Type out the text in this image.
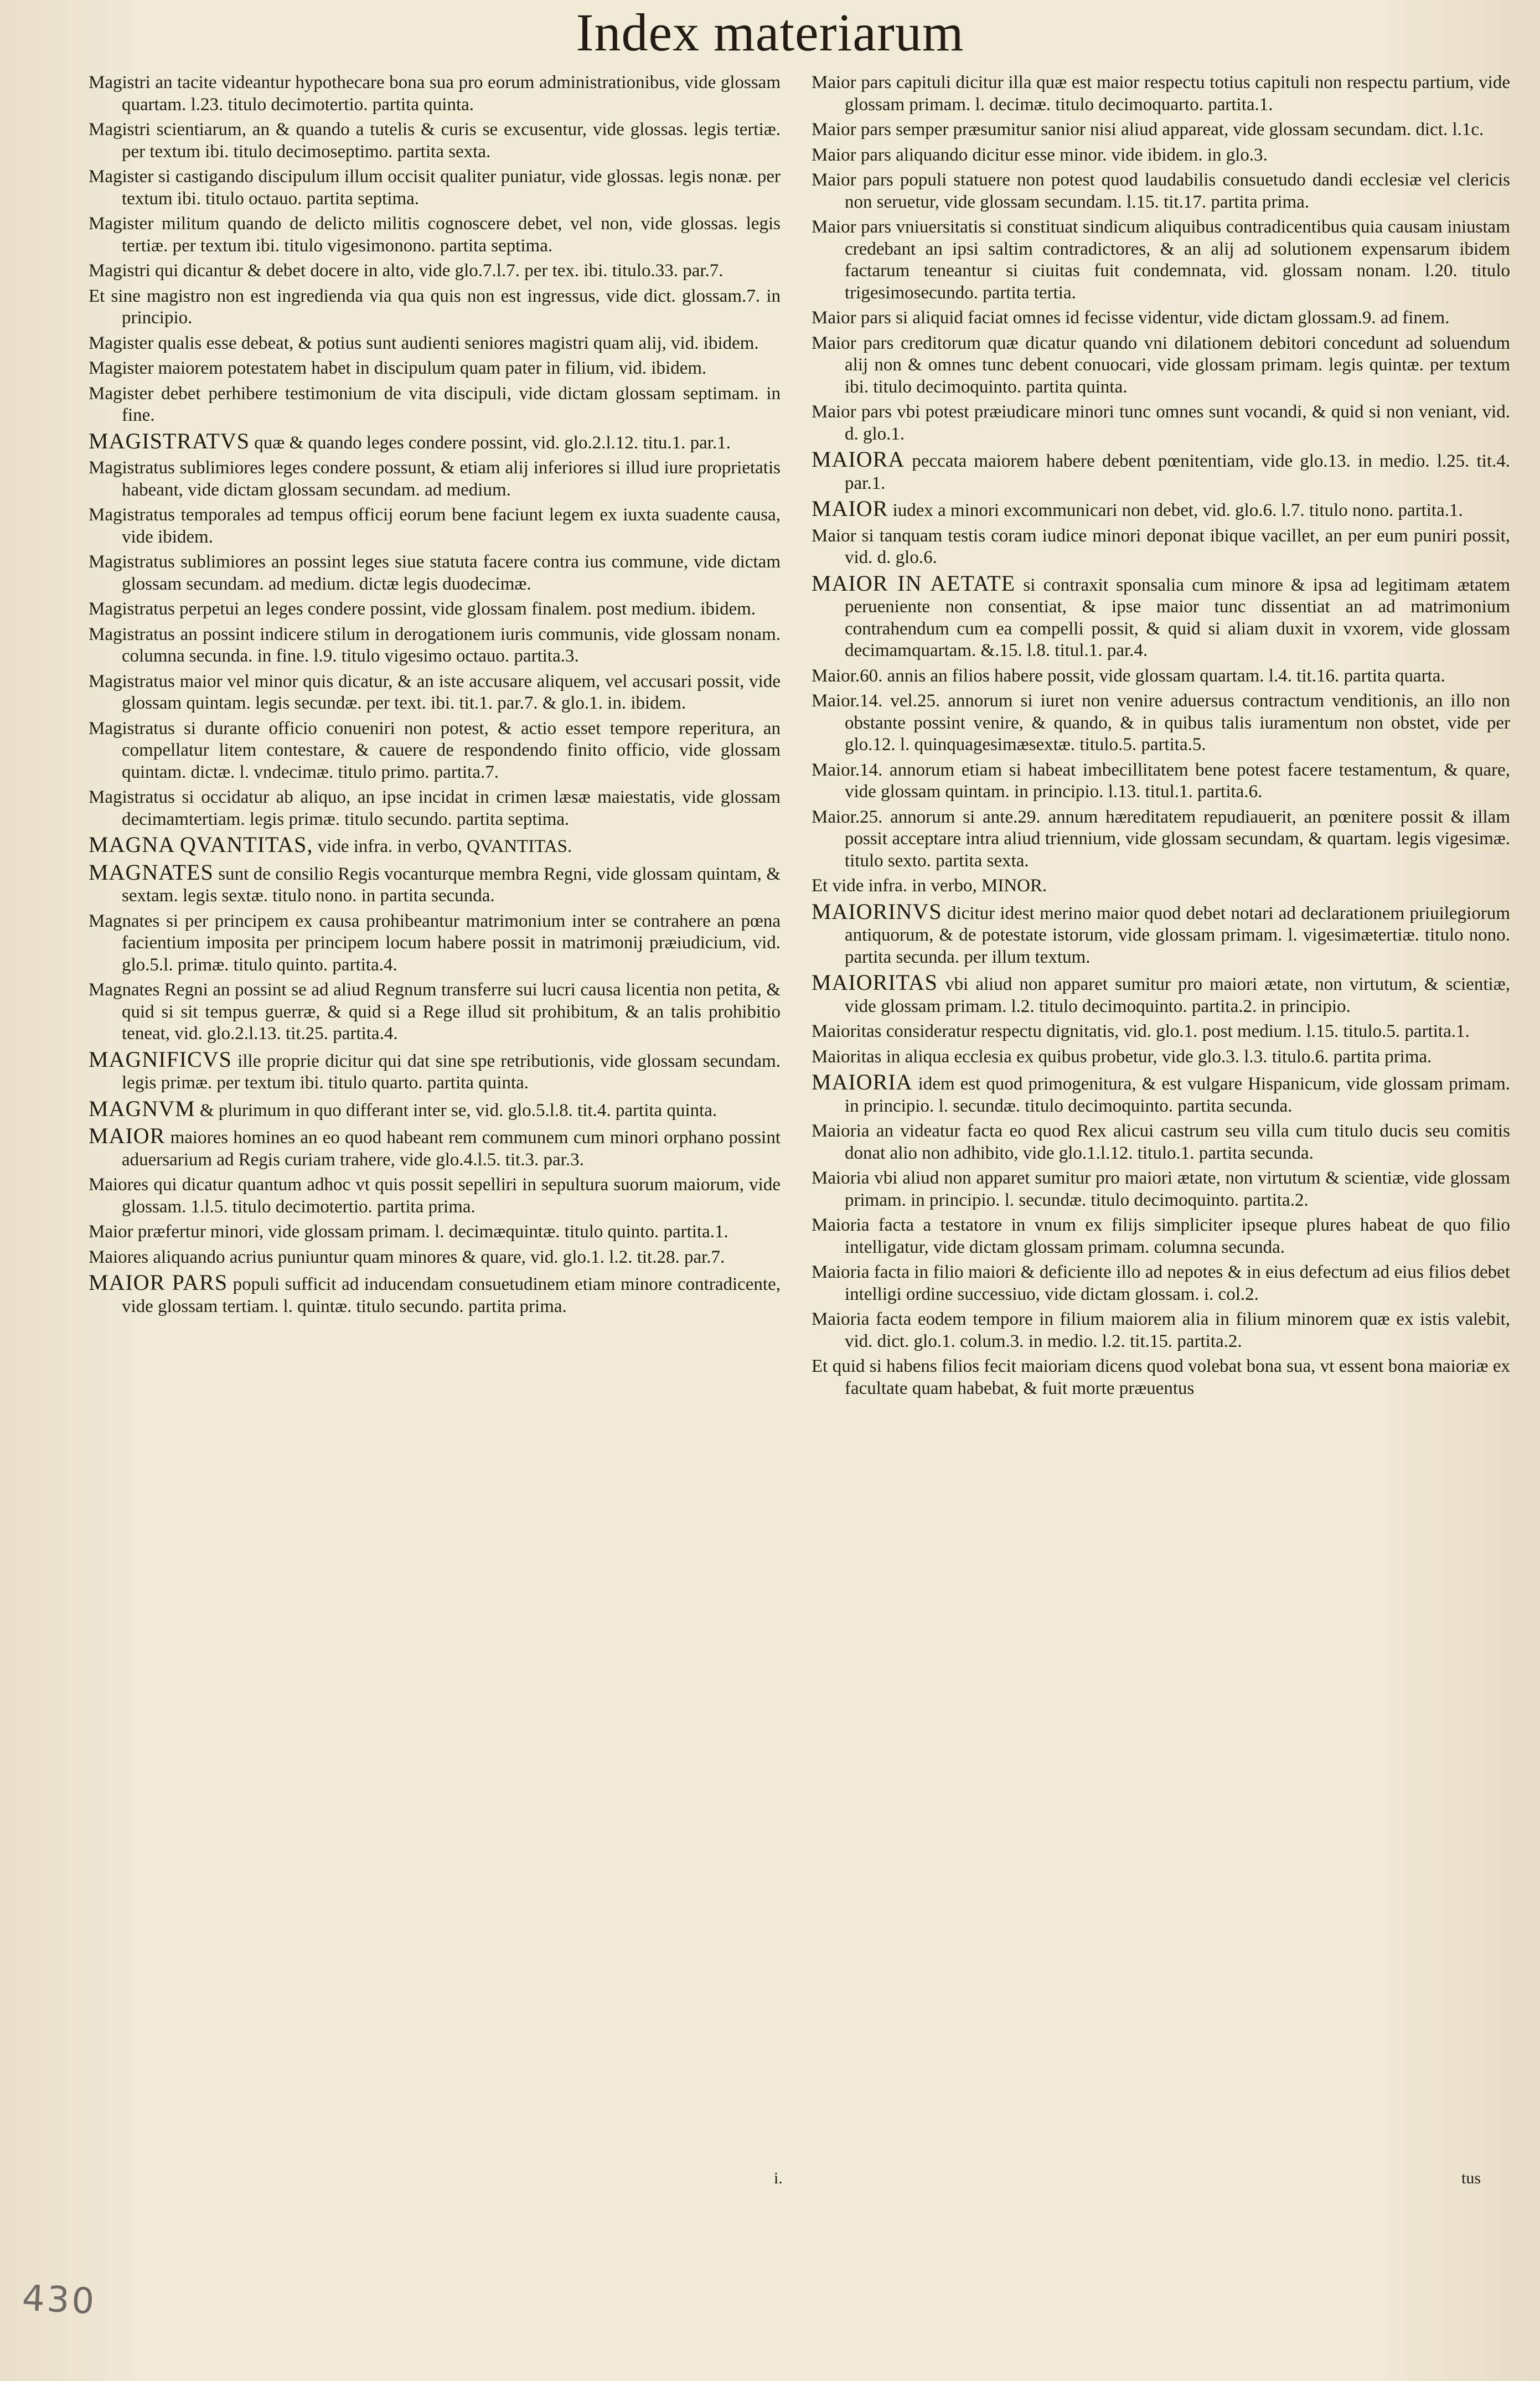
Index materiarum

Magistri an tacite videantur hypothecare bona sua pro eorum administrationibus, vide glossam quartam. l.23. titulo decimotertio. partita quinta.

Magistri scientiarum, an & quando a tutelis & curis se excusentur, vide glossas. legis tertiæ. per textum ibi. titulo decimoseptimo. partita sexta.

Magister si castigando discipulum illum occisit qualiter puniatur, vide glossas. legis nonæ. per textum ibi. titulo octauo. partita septima.

Magister militum quando de delicto militis cognoscere debet, vel non, vide glossas. legis tertiæ. per textum ibi. titulo vigesimonono. partita septima.

Magistri qui dicantur & debet docere in alto, vide glo.7.l.7. per tex. ibi. titulo.33. par.7.

Et sine magistro non est ingredienda via qua quis non est ingressus, vide dict. glossam.7. in principio.

Magister qualis esse debeat, & potius sunt audienti seniores magistri quam alij, vid. ibidem.

Magister maiorem potestatem habet in discipulum quam pater in filium, vid. ibidem.

Magister debet perhibere testimonium de vita discipuli, vide dictam glossam septimam. in fine.

MAGISTRATVS quæ & quando leges condere possint, vid. glo.2.l.12. titu.1. par.1.

Magistratus sublimiores leges condere possunt, & etiam alij inferiores si illud iure proprietatis habeant, vide dictam glossam secundam. ad medium.

Magistratus temporales ad tempus officij eorum bene faciunt legem ex iuxta suadente causa, vide ibidem.

Magistratus sublimiores an possint leges siue statuta facere contra ius commune, vide dictam glossam secundam. ad medium. dictæ legis duodecimæ.

Magistratus perpetui an leges condere possint, vide glossam finalem. post medium. ibidem.

Magistratus an possint indicere stilum in derogationem iuris communis, vide glossam nonam. columna secunda. in fine. l.9. titulo vigesimo octauo. partita.3.

Magistratus maior vel minor quis dicatur, & an iste accusare aliquem, vel accusari possit, vide glossam quintam. legis secundæ. per text. ibi. tit.1. par.7. & glo.1. in. ibidem.

Magistratus si durante officio conueniri non potest, & actio esset tempore reperitura, an compellatur litem contestare, & cauere de respondendo finito officio, vide glossam quintam. dictæ. l. vndecimæ. titulo primo. partita.7.

Magistratus si occidatur ab aliquo, an ipse incidat in crimen læsæ maiestatis, vide glossam decimamtertiam. legis primæ. titulo secundo. partita septima.

MAGNA QVANTITAS, vide infra. in verbo, QVANTITAS.

MAGNATES sunt de consilio Regis vocanturque membra Regni, vide glossam quintam, & sextam. legis sextæ. titulo nono. in partita secunda.

Magnates si per principem ex causa prohibeantur matrimonium inter se contrahere an pœna facientium imposita per principem locum habere possit in matrimonij præiudicium, vid. glo.5.l. primæ. titulo quinto. partita.4.

Magnates Regni an possint se ad aliud Regnum transferre sui lucri causa licentia non petita, & quid si sit tempus guerræ, & quid si a Rege illud sit prohibitum, & an talis prohibitio teneat, vid. glo.2.l.13. tit.25. partita.4.

MAGNIFICVS ille proprie dicitur qui dat sine spe retributionis, vide glossam secundam. legis primæ. per textum ibi. titulo quarto. partita quinta.

MAGNVM & plurimum in quo differant inter se, vid. glo.5.l.8. tit.4. partita quinta.

MAIOR maiores homines an eo quod habeant rem communem cum minori orphano possint aduersarium ad Regis curiam trahere, vide glo.4.l.5. tit.3. par.3.

Maiores qui dicatur quantum adhoc vt quis possit sepelliri in sepultura suorum maiorum, vide glossam. 1.l.5. titulo decimotertio. partita prima.

Maior præfertur minori, vide glossam primam. l. decimæquintæ. titulo quinto. partita.1.

Maiores aliquando acrius puniuntur quam minores & quare, vid. glo.1. l.2. tit.28. par.7.

MAIOR PARS populi sufficit ad inducendam consuetudinem etiam minore contradicente, vide glossam tertiam. l. quintæ. titulo secundo. partita prima.

Maior pars capituli dicitur illa quæ est maior respectu totius capituli non respectu partium, vide glossam primam. l. decimæ. titulo decimoquarto. partita.1.

Maior pars semper præsumitur sanior nisi aliud appareat, vide glossam secundam. dict. l.1c.

Maior pars aliquando dicitur esse minor. vide ibidem. in glo.3.

Maior pars populi statuere non potest quod laudabilis consuetudo dandi ecclesiæ vel clericis non seruetur, vide glossam secundam. l.15. tit.17. partita prima.

Maior pars vniuersitatis si constituat sindicum aliquibus contradicentibus quia causam iniustam credebant an ipsi saltim contradictores, & an alij ad solutionem expensarum ibidem factarum teneantur si ciuitas fuit condemnata, vid. glossam nonam. l.20. titulo trigesimosecundo. partita tertia.

Maior pars si aliquid faciat omnes id fecisse videntur, vide dictam glossam.9. ad finem.

Maior pars creditorum quæ dicatur quando vni dilationem debitori concedunt ad soluendum alij non & omnes tunc debent conuocari, vide glossam primam. legis quintæ. per textum ibi. titulo decimoquinto. partita quinta.

Maior pars vbi potest præiudicare minori tunc omnes sunt vocandi, & quid si non veniant, vid. d. glo.1.

MAIORA peccata maiorem habere debent pœnitentiam, vide glo.13. in medio. l.25. tit.4. par.1.

MAIOR iudex a minori excommunicari non debet, vid. glo.6. l.7. titulo nono. partita.1.

Maior si tanquam testis coram iudice minori deponat ibique vacillet, an per eum puniri possit, vid. d. glo.6.

MAIOR IN AETATE si contraxit sponsalia cum minore & ipsa ad legitimam ætatem perueniente non consentiat, & ipse maior tunc dissentiat an ad matrimonium contrahendum cum ea compelli possit, & quid si aliam duxit in vxorem, vide glossam decimamquartam. &.15. l.8. titul.1. par.4.

Maior.60. annis an filios habere possit, vide glossam quartam. l.4. tit.16. partita quarta.

Maior.14. vel.25. annorum si iuret non venire aduersus contractum venditionis, an illo non obstante possint venire, & quando, & in quibus talis iuramentum non obstet, vide per glo.12. l. quinquagesimæsextæ. titulo.5. partita.5.

Maior.14. annorum etiam si habeat imbecillitatem bene potest facere testamentum, & quare, vide glossam quintam. in principio. l.13. titul.1. partita.6.

Maior.25. annorum si ante.29. annum hæreditatem repudiauerit, an pœnitere possit & illam possit acceptare intra aliud triennium, vide glossam secundam, & quartam. legis vigesimæ. titulo sexto. partita sexta.

Et vide infra. in verbo, MINOR.

MAIORINVS dicitur idest merino maior quod debet notari ad declarationem priuilegiorum antiquorum, & de potestate istorum, vide glossam primam. l. vigesimætertiæ. titulo nono. partita secunda. per illum textum.

MAIORITAS vbi aliud non apparet sumitur pro maiori ætate, non virtutum, & scientiæ, vide glossam primam. l.2. titulo decimoquinto. partita.2. in principio.

Maioritas consideratur respectu dignitatis, vid. glo.1. post medium. l.15. titulo.5. partita.1.

Maioritas in aliqua ecclesia ex quibus probetur, vide glo.3. l.3. titulo.6. partita prima.

MAIORIA idem est quod primogenitura, & est vulgare Hispanicum, vide glossam primam. in principio. l. secundæ. titulo decimoquinto. partita secunda.

Maioria an videatur facta eo quod Rex alicui castrum seu villa cum titulo ducis seu comitis donat alio non adhibito, vide glo.1.l.12. titulo.1. partita secunda.

Maioria vbi aliud non apparet sumitur pro maiori ætate, non virtutum & scientiæ, vide glossam primam. in principio. l. secundæ. titulo decimoquinto. partita.2.

Maioria facta a testatore in vnum ex filijs simpliciter ipseque plures habeat de quo filio intelligatur, vide dictam glossam primam. columna secunda.

Maioria facta in filio maiori & deficiente illo ad nepotes & in eius defectum ad eius filios debet intelligi ordine successiuo, vide dictam glossam. i. col.2.

Maioria facta eodem tempore in filium maiorem alia in filium minorem quæ ex istis valebit, vid. dict. glo.1. colum.3. in medio. l.2. tit.15. partita.2.

Et quid si habens filios fecit maioriam dicens quod volebat bona sua, vt essent bona maioriæ ex facultate quam habebat, & fuit morte præuentus

i.	tus
430
